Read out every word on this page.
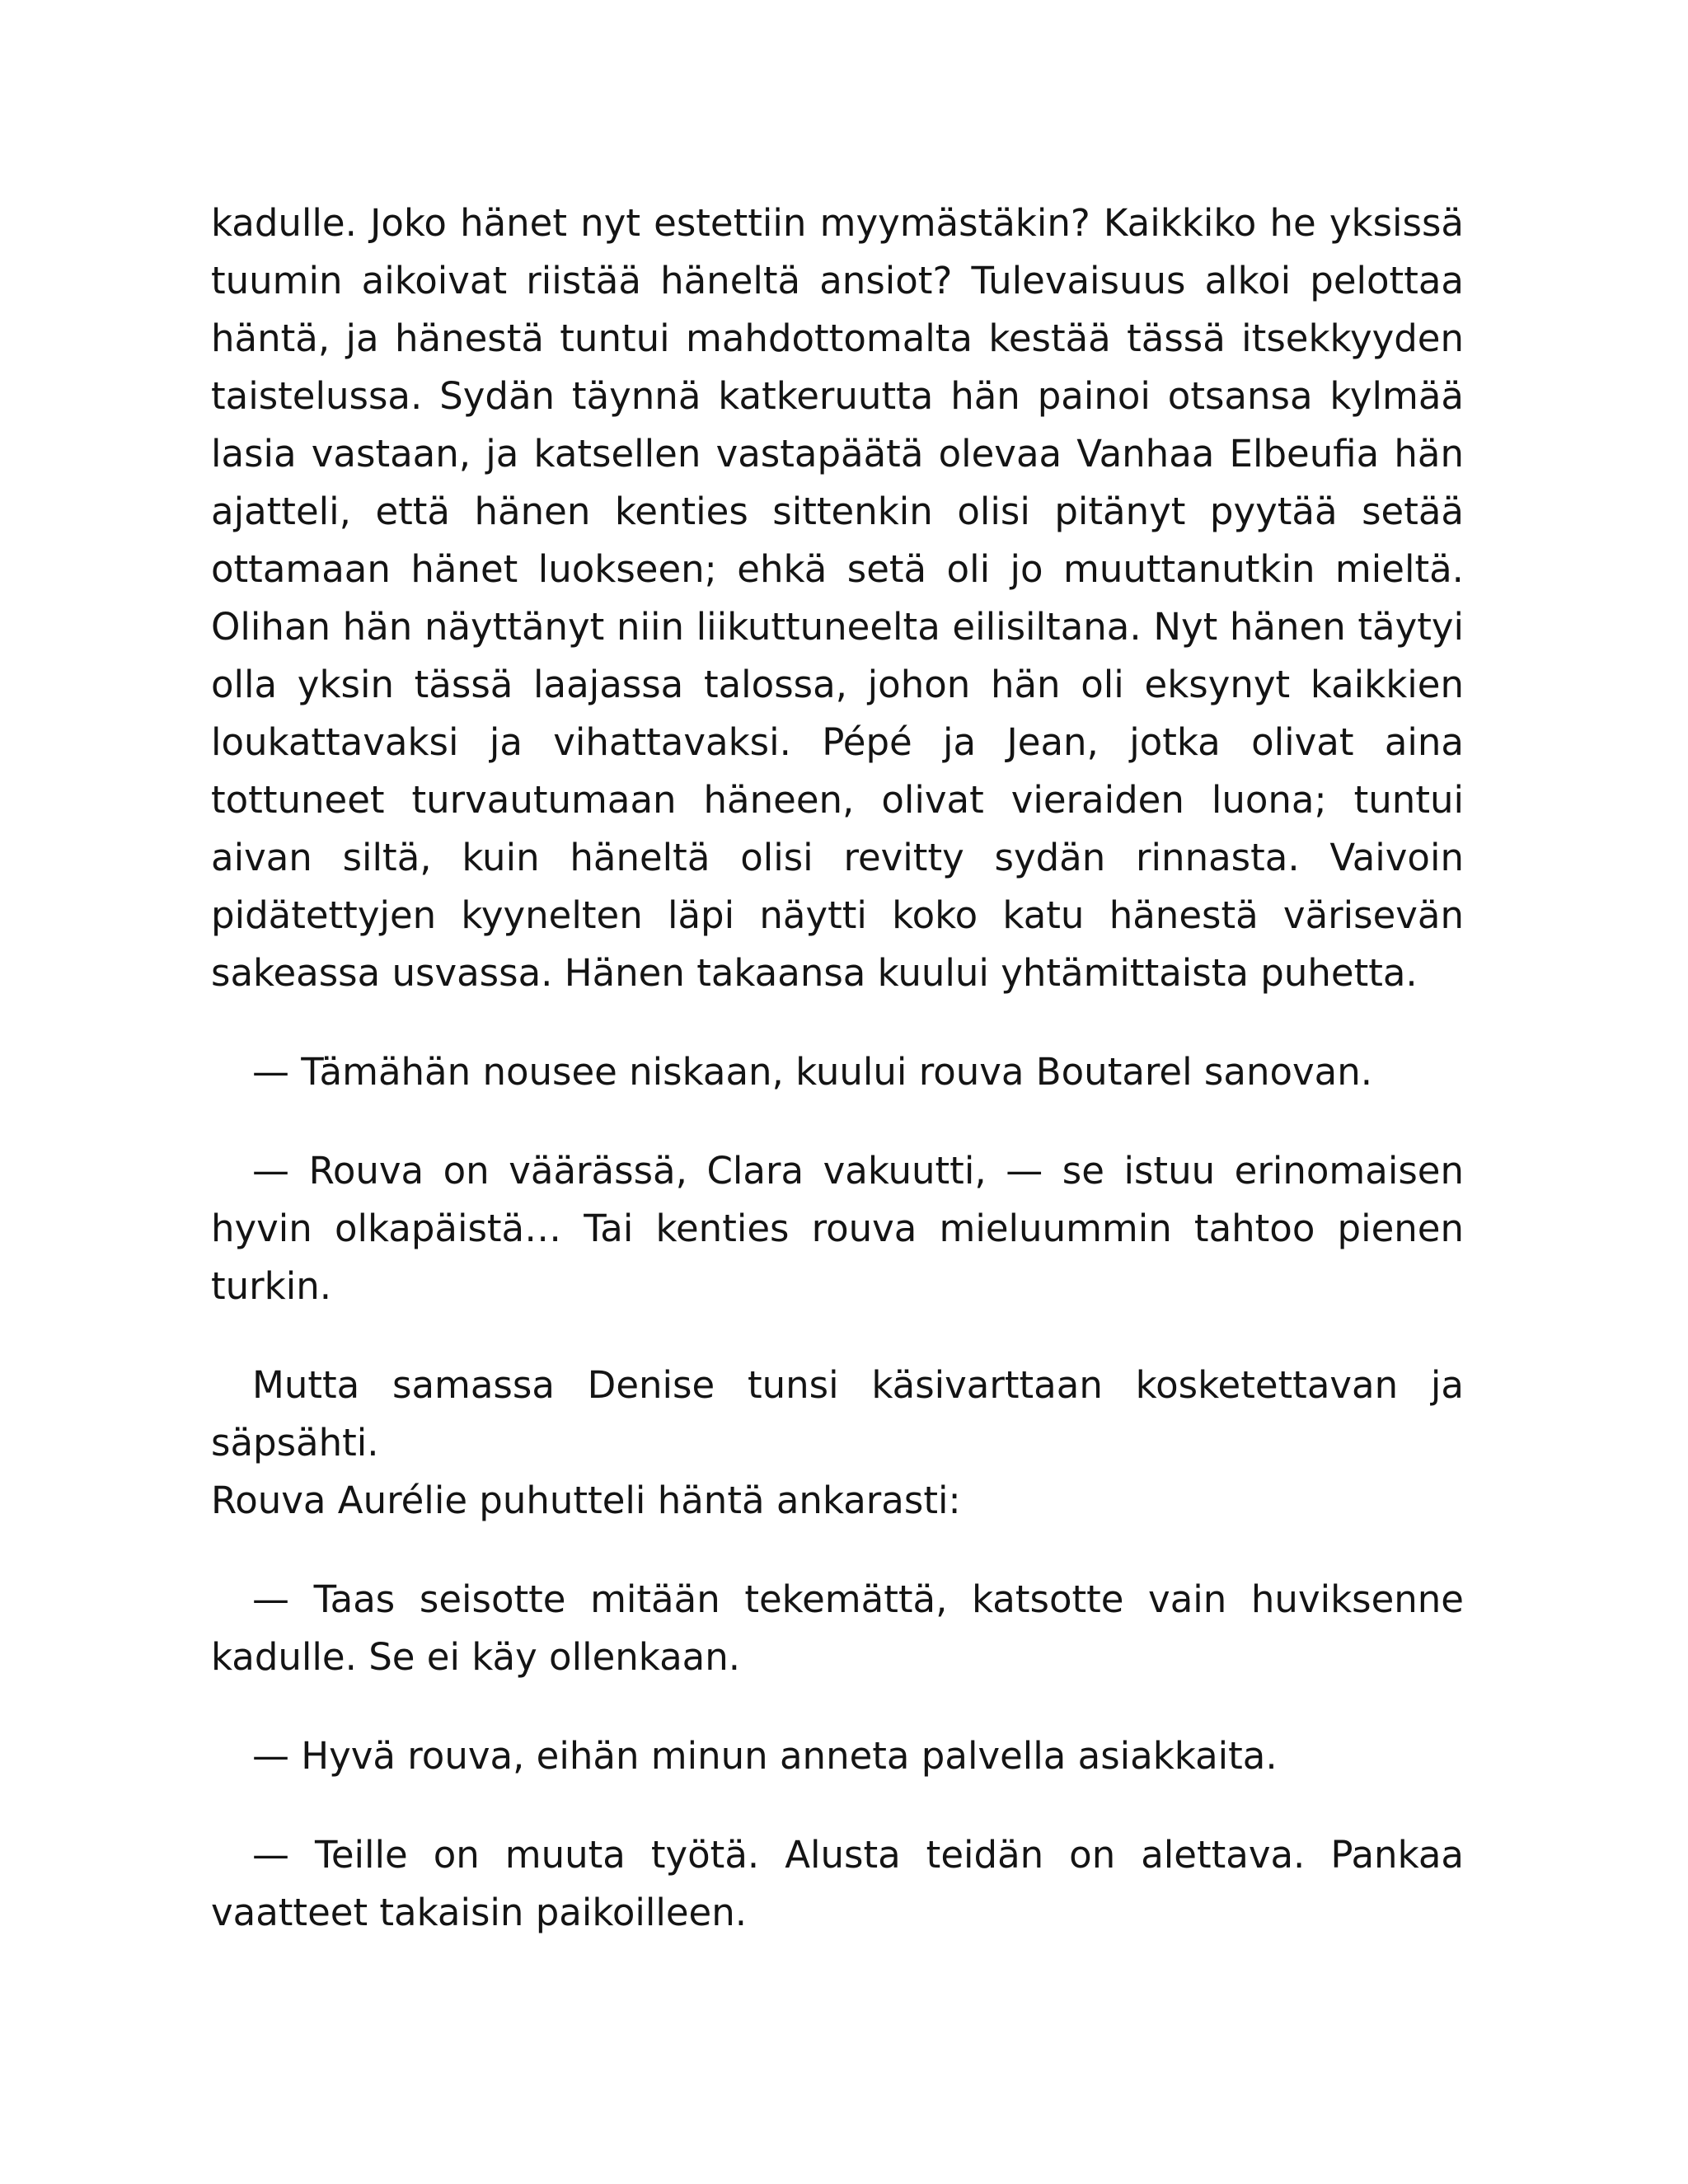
kadulle. Joko hänet nyt estettiin myymästäkin? Kaikkiko he yksissä tuumin aikoivat riistää häneltä ansiot? Tulevaisuus alkoi pelottaa häntä, ja hänestä tuntui mahdottomalta kestää tässä itsekkyyden taistelussa. Sydän täynnä katkeruutta hän painoi otsansa kylmää lasia vastaan, ja katsellen vastapäätä olevaa Vanhaa Elbeufia hän ajatteli, että hänen kenties sittenkin olisi pitänyt pyytää setää ottamaan hänet luokseen; ehkä setä oli jo muuttanutkin mieltä. Olihan hän näyttänyt niin liikuttuneelta eilisiltana. Nyt hänen täytyi olla yksin tässä laajassa talossa, johon hän oli eksynyt kaikkien loukattavaksi ja vihattavaksi. Pépé ja Jean, jotka olivat aina tottuneet turvautumaan häneen, olivat vieraiden luona; tuntui aivan siltä, kuin häneltä olisi revitty sydän rinnasta. Vaivoin pidätettyjen kyynelten läpi näytti koko katu hänestä värisevän sakeassa usvassa. Hänen takaansa kuului yhtämittaista puhetta.

— Tämähän nousee niskaan, kuului rouva Boutarel sanovan.

— Rouva on väärässä, Clara vakuutti, — se istuu erinomaisen hyvin olkapäistä… Tai kenties rouva mieluummin tahtoo pienen turkin.

Mutta samassa Denise tunsi käsivarttaan kosketettavan ja säpsähti.

Rouva Aurélie puhutteli häntä ankarasti:

— Taas seisotte mitään tekemättä, katsotte vain huviksenne kadulle. Se ei käy ollenkaan.

— Hyvä rouva, eihän minun anneta palvella asiakkaita.

— Teille on muuta työtä. Alusta teidän on alettava. Pankaa vaatteet takaisin paikoilleen.
